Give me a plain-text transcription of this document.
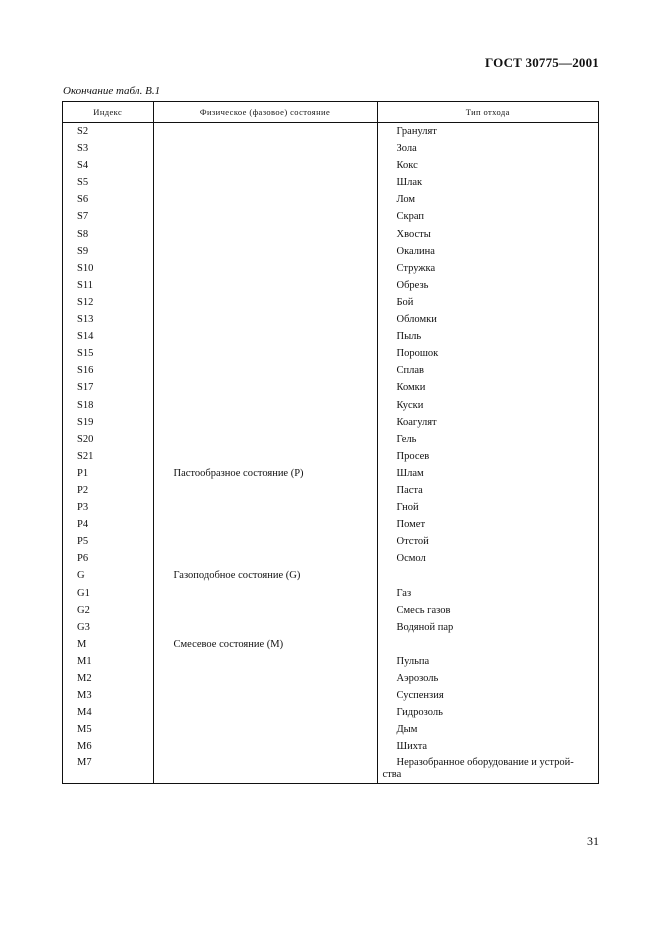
ГОСТ 30775—2001
Окончание табл. В.1
Индекс	Физическое (фазовое) состояние	Тип отхода
S2		Гранулят
S3		Зола
S4		Кокс
S5		Шлак
S6		Лом
S7		Скрап
S8		Хвосты
S9		Окалина
S10		Стружка
S11		Обрезь
S12		Бой
S13		Обломки
S14		Пыль
S15		Порошок
S16		Сплав
S17		Комки
S18		Куски
S19		Коагулят
S20		Гель
S21		Просев
P1	Пастообразное состояние (P)	Шлам
P2		Паста
P3		Гной
P4		Помет
P5		Отстой
P6		Осмол
G	Газоподобное состояние (G)	
G1		Газ
G2		Смесь газов
G3		Водяной пар
M	Смесевое состояние (M)	
M1		Пульпа
M2		Аэрозоль
M3		Суспензия
M4		Гидрозоль
M5		Дым
M6		Шихта
M7		Неразобранное оборудование и устрой-ства
31
